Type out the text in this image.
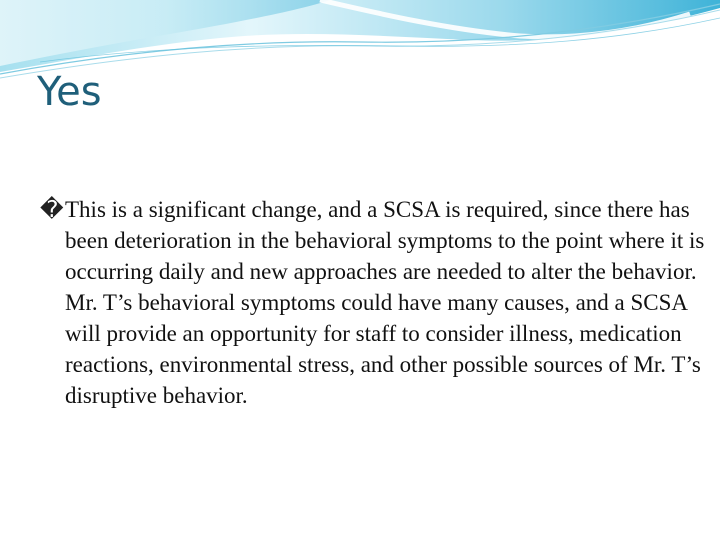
Yes

�This is a significant change, and a SCSA is required, since there has been deterioration in the behavioral symptoms to the point where it is occurring daily and new approaches are needed to alter the behavior. Mr. T’s behavioral symptoms could have many causes, and a SCSA will provide an opportunity for staff to consider illness, medication reactions, environmental stress, and other possible sources of Mr. T’s disruptive behavior.
